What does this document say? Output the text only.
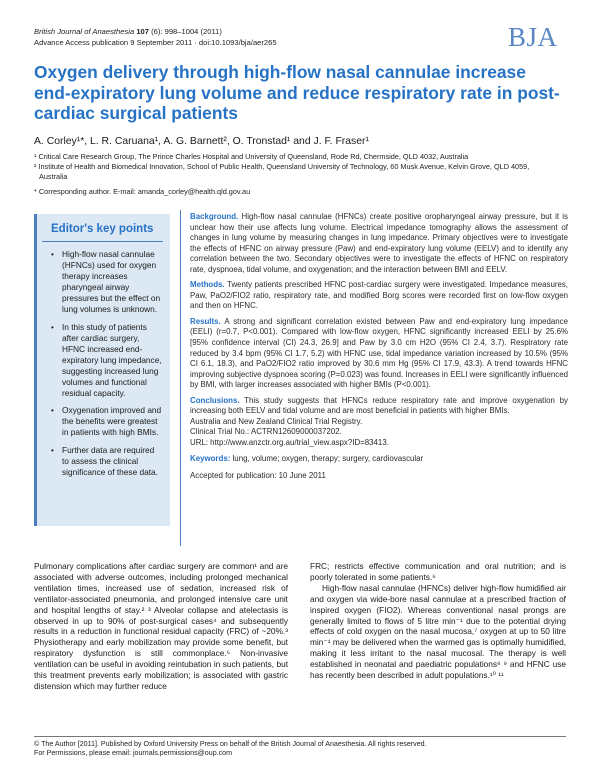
British Journal of Anaesthesia 107 (6): 998–1004 (2011)
Advance Access publication 9 September 2011 · doi:10.1093/bja/aer265	BJA
Oxygen delivery through high-flow nasal cannulae increase end-expiratory lung volume and reduce respiratory rate in post-cardiac surgical patients
A. Corley¹*, L. R. Caruana¹, A. G. Barnett², O. Tronstad¹ and J. F. Fraser¹
¹ Critical Care Research Group, The Prince Charles Hospital and University of Queensland, Rode Rd, Chermside, QLD 4032, Australia
² Institute of Health and Biomedical Innovation, School of Public Health, Queensland University of Technology, 60 Musk Avenue, Kelvin Grove, QLD 4059, Australia
* Corresponding author. E-mail: amanda_corley@health.qld.gov.au
Editor's key points
• High-flow nasal cannulae (HFNCs) used for oxygen therapy increases pharyngeal airway pressures but the effect on lung volumes is unknown.
• In this study of patients after cardiac surgery, HFNC increased end-expiratory lung impedance, suggesting increased lung volumes and functional residual capacity.
• Oxygenation improved and the benefits were greatest in patients with high BMIs.
• Further data are required to assess the clinical significance of these data.

Background. High-flow nasal cannulae (HFNCs) create positive oropharyngeal airway pressure, but it is unclear how their use affects lung volume. Electrical impedance tomography allows the assessment of changes in lung volume by measuring changes in lung impedance. Primary objectives were to investigate the effects of HFNC on airway pressure (Paw) and end-expiratory lung volume (EELV) and to identify any correlation between the two. Secondary objectives were to investigate the effects of HFNC on respiratory rate, dyspnoea, tidal volume, and oxygenation; and the interaction between BMI and EELV.

Methods. Twenty patients prescribed HFNC post-cardiac surgery were investigated. Impedance measures, Paw, PaO2/FIO2 ratio, respiratory rate, and modified Borg scores were recorded first on low-flow oxygen and then on HFNC.

Results. A strong and significant correlation existed between Paw and end-expiratory lung impedance (EELI) (r=0.7, P<0.001). Compared with low-flow oxygen, HFNC significantly increased EELI by 25.6% [95% confidence interval (CI) 24.3, 26.9] and Paw by 3.0 cm H2O (95% CI 2.4, 3.7). Respiratory rate reduced by 3.4 bpm (95% CI 1.7, 5.2) with HFNC use, tidal impedance variation increased by 10.5% (95% CI 6.1, 18.3), and PaO2/FIO2 ratio improved by 30.6 mm Hg (95% CI 17.9, 43.3). A trend towards HFNC improving subjective dyspnoea scoring (P=0.023) was found. Increases in EELI were significantly influenced by BMI, with larger increases associated with higher BMIs (P<0.001).

Conclusions. This study suggests that HFNCs reduce respiratory rate and improve oxygenation by increasing both EELV and tidal volume and are most beneficial in patients with higher BMIs.

Australia and New Zealand Clinical Trial Registry.
Clinical Trial No.: ACTRN12609000037202.
URL: http://www.anzctr.org.au/trial_view.aspx?ID=83413.
Keywords: lung, volume; oxygen, therapy; surgery, cardiovascular
Accepted for publication: 10 June 2011

Pulmonary complications after cardiac surgery are common¹ and are associated with adverse outcomes, including prolonged mechanical ventilation times, increased use of sedation, increased risk of ventilator-associated pneumonia, and prolonged intensive care unit and hospital lengths of stay.² ³ Alveolar collapse and atelectasis is observed in up to 90% of post-surgical cases⁴ and subsequently results in a reduction in functional residual capacity (FRC) of ~20%.³ Physiotherapy and early mobilization may provide some benefit, but respiratory dysfunction is still commonplace.⁵ Non-invasive ventilation can be useful in avoiding reintubation in such patients, but this treatment prevents early mobilization; is associated with gastric distension which may further reduce

FRC; restricts effective communication and oral nutrition; and is poorly tolerated in some patients.⁶

High-flow nasal cannulae (HFNCs) deliver high-flow humidified air and oxygen via wide-bore nasal cannulae at a prescribed fraction of inspired oxygen (FIO2). Whereas conventional nasal prongs are generally limited to flows of 5 litre min⁻¹ due to the potential drying effects of cold oxygen on the nasal mucosa,⁷ oxygen at up to 50 litre min⁻¹ may be delivered when the warmed gas is optimally humidified, making it less irritant to the nasal mucosal. The therapy is well established in neonatal and paediatric populations⁸ ⁹ and HFNC use has recently been described in adult populations.¹⁰ ¹¹

© The Author [2011]. Published by Oxford University Press on behalf of the British Journal of Anaesthesia. All rights reserved.
For Permissions, please email: journals.permissions@oup.com
